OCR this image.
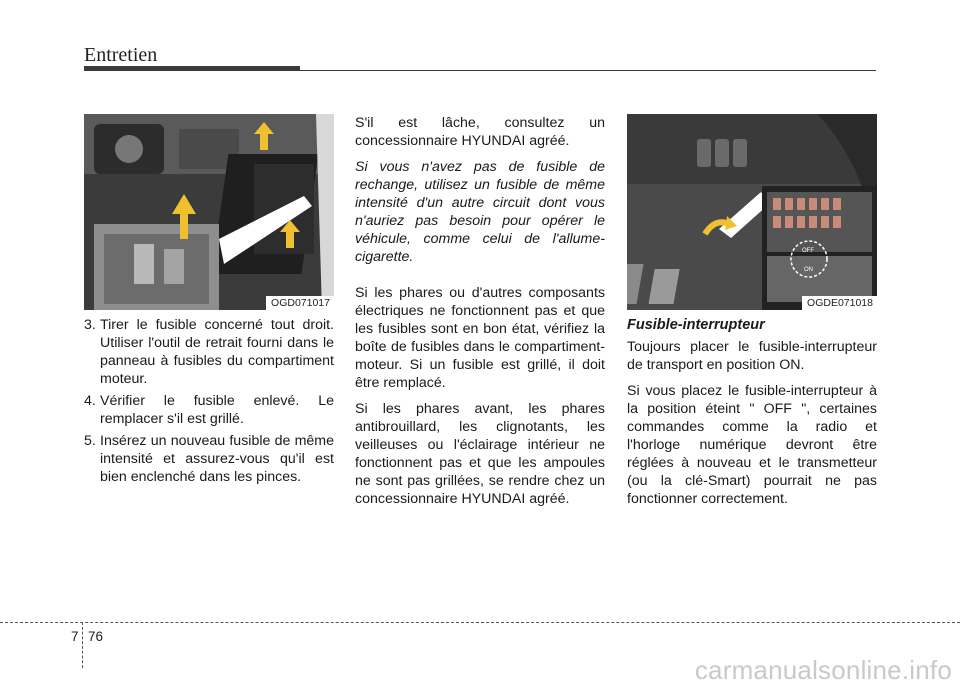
Entretien
OGD071017
3. Tirer le fusible concerné tout droit. Utiliser l'outil de retrait fourni dans le panneau à fusibles du compartiment moteur.
4. Vérifier le fusible enlevé. Le remplacer s'il est grillé.
5. Insérez un nouveau fusible de même intensité et assurez-vous qu'il est bien enclenché dans les pinces.

S'il est lâche, consultez un concessionnaire HYUNDAI agréé.

Si vous n'avez pas de fusible de rechange, utilisez un fusible de même intensité d'un autre circuit dont vous n'auriez pas besoin pour opérer le véhicule, comme celui de l'allume-cigarette.

Si les phares ou d'autres composants électriques ne fonctionnent pas et que les fusibles sont en bon état, vérifiez la boîte de fusibles dans le compartiment-moteur. Si un fusible est grillé, il doit être remplacé.

Si les phares avant, les phares antibrouillard, les clignotants, les veilleuses ou l'éclairage intérieur ne fonctionnent pas et que les ampoules ne sont pas grillées, se rendre chez un concessionnaire HYUNDAI agréé.

OFF
ON
OGDE071018
Fusible-interrupteur

Toujours placer le fusible-interrupteur de transport en position ON.

Si vous placez le fusible-interrupteur à la position éteint " OFF ", certaines commandes comme la radio et l'horloge numérique devront être réglées à nouveau et le transmetteur (ou la clé-Smart) pourrait ne pas fonctionner correctement.

7 76
carmanualsonline.info
